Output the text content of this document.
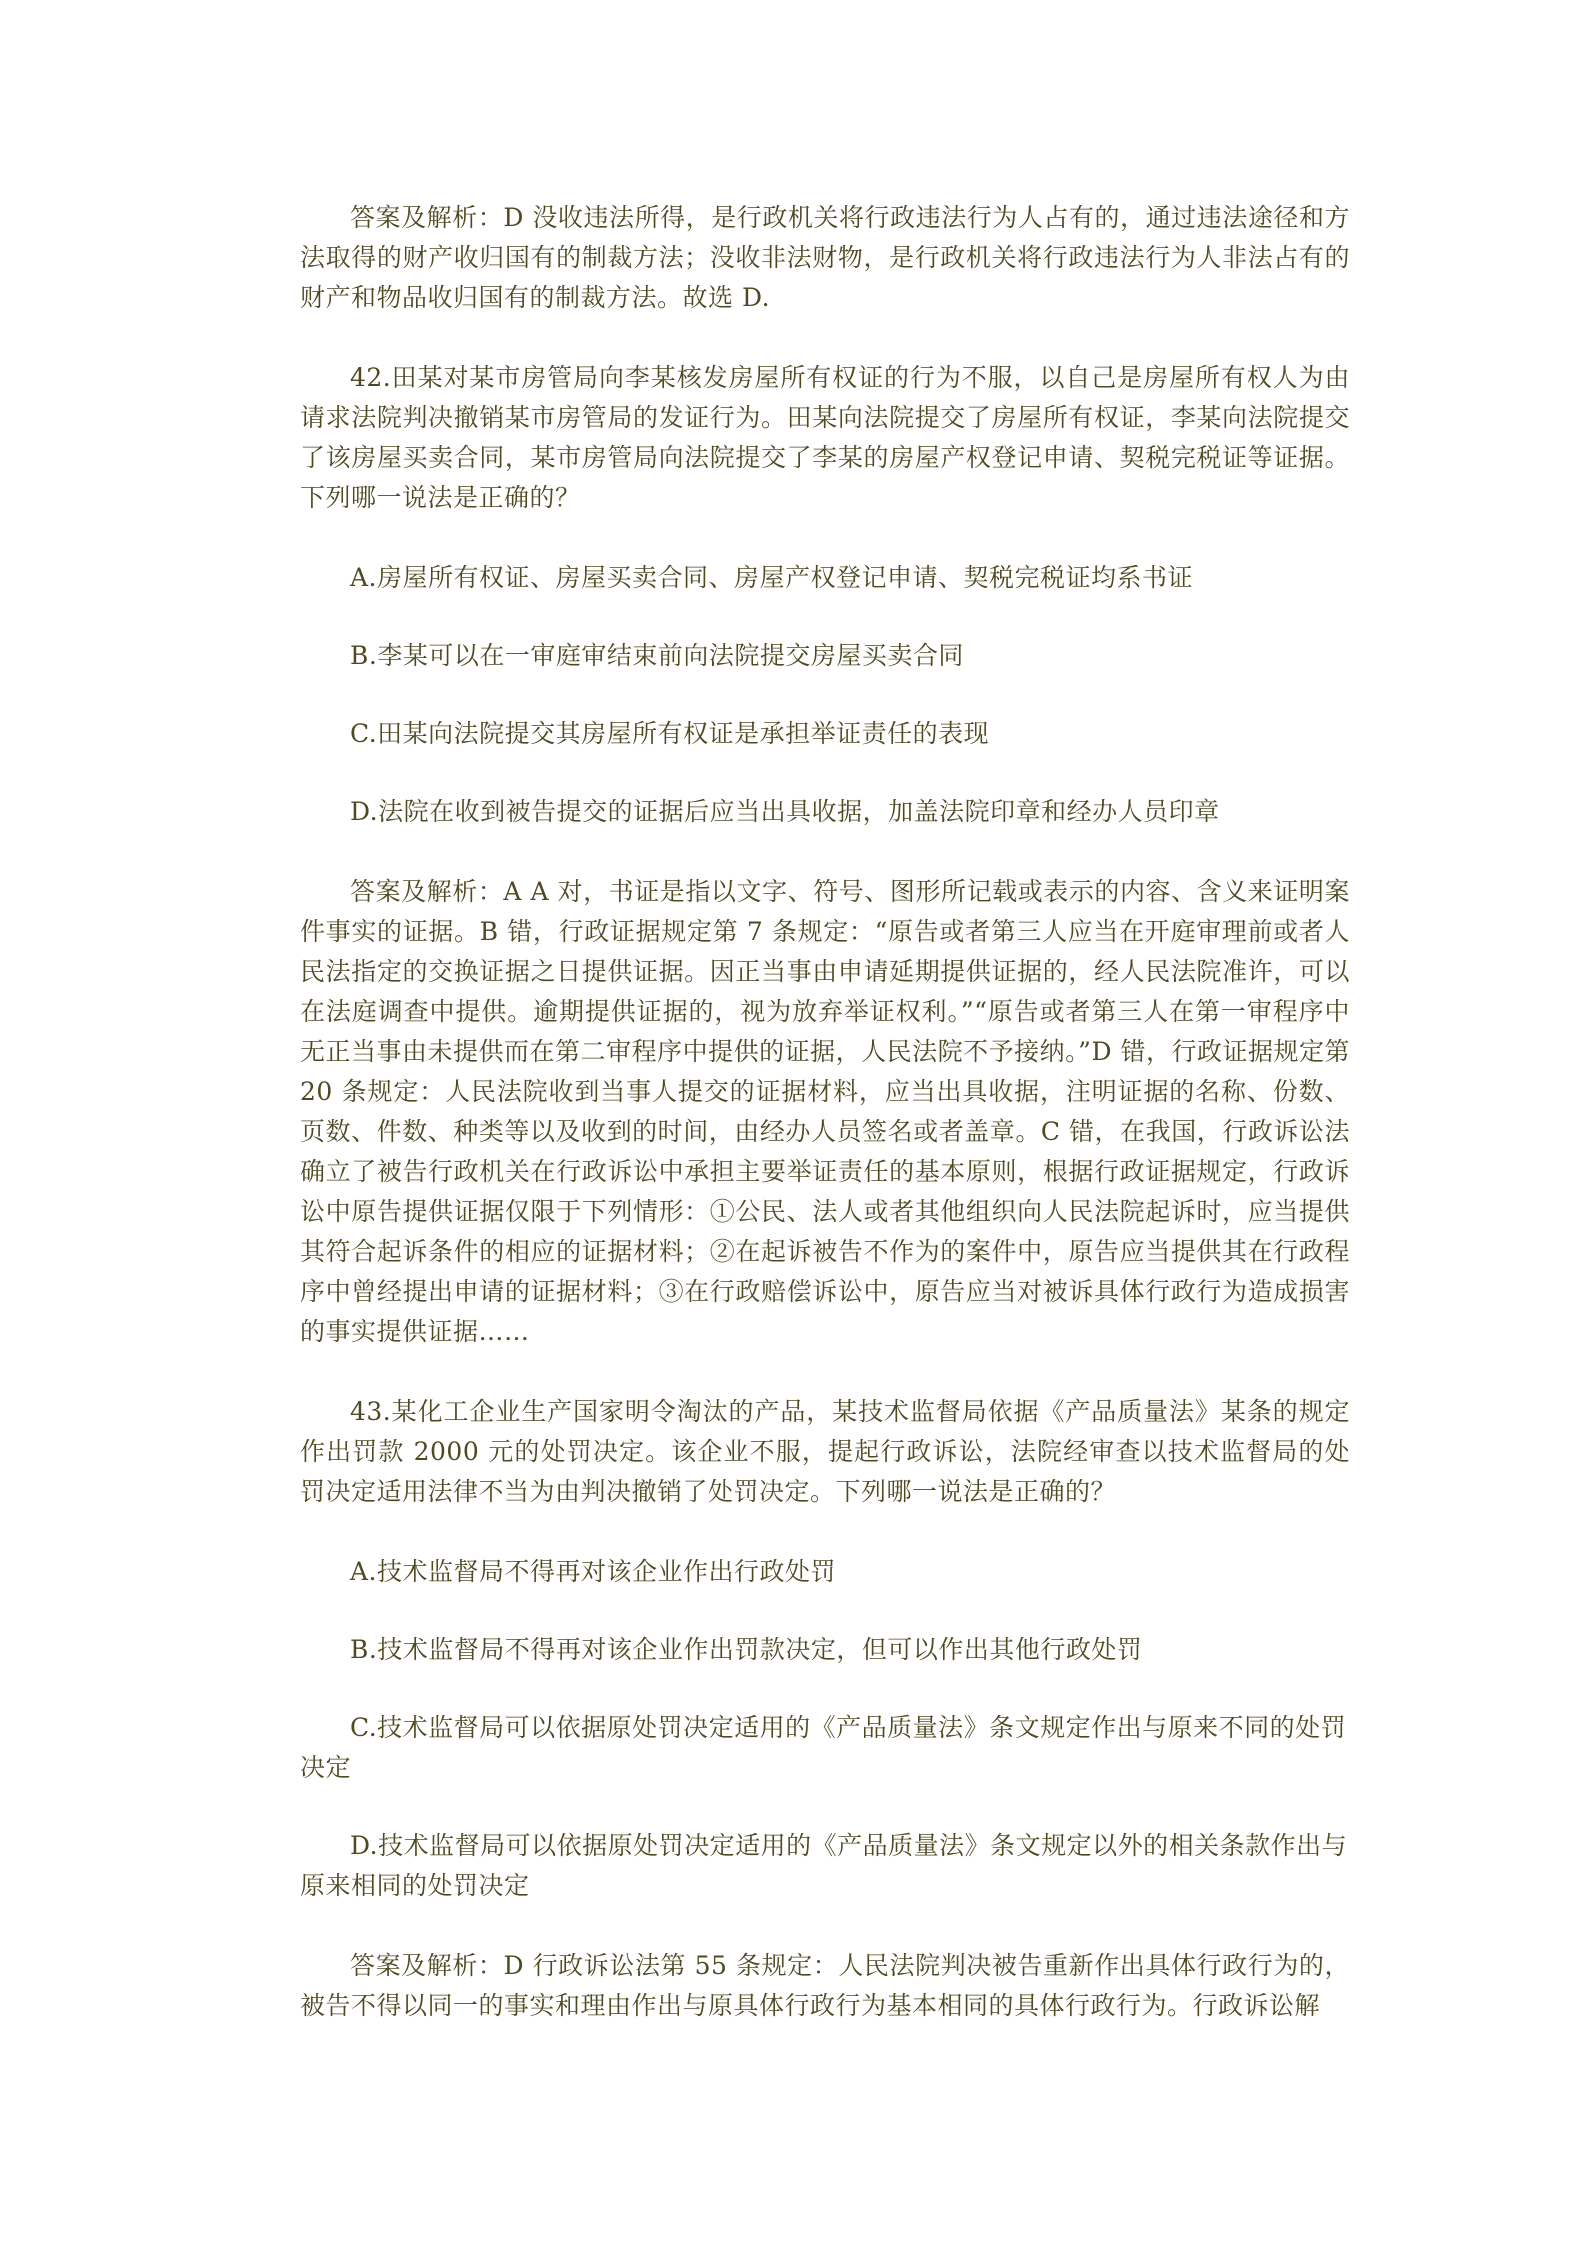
答案及解析：D 没收违法所得，是行政机关将行政违法行为人占有的，通过违法途径和方法取得的财产收归国有的制裁方法；没收非法财物，是行政机关将行政违法行为人非法占有的财产和物品收归国有的制裁方法。故选 D.

42.田某对某市房管局向李某核发房屋所有权证的行为不服，以自己是房屋所有权人为由请求法院判决撤销某市房管局的发证行为。田某向法院提交了房屋所有权证，李某向法院提交了该房屋买卖合同，某市房管局向法院提交了李某的房屋产权登记申请、契税完税证等证据。下列哪一说法是正确的？

A.房屋所有权证、房屋买卖合同、房屋产权登记申请、契税完税证均系书证

B.李某可以在一审庭审结束前向法院提交房屋买卖合同

C.田某向法院提交其房屋所有权证是承担举证责任的表现

D.法院在收到被告提交的证据后应当出具收据，加盖法院印章和经办人员印章

答案及解析：A A 对，书证是指以文字、符号、图形所记载或表示的内容、含义来证明案件事实的证据。B 错，行政证据规定第 7 条规定：“原告或者第三人应当在开庭审理前或者人民法指定的交换证据之日提供证据。因正当事由申请延期提供证据的，经人民法院准许，可以在法庭调查中提供。逾期提供证据的，视为放弃举证权利。”“原告或者第三人在第一审程序中无正当事由未提供而在第二审程序中提供的证据，人民法院不予接纳。”D 错，行政证据规定第 20 条规定：人民法院收到当事人提交的证据材料，应当出具收据，注明证据的名称、份数、页数、件数、种类等以及收到的时间，由经办人员签名或者盖章。C 错，在我国，行政诉讼法确立了被告行政机关在行政诉讼中承担主要举证责任的基本原则，根据行政证据规定，行政诉讼中原告提供证据仅限于下列情形：①公民、法人或者其他组织向人民法院起诉时，应当提供其符合起诉条件的相应的证据材料；②在起诉被告不作为的案件中，原告应当提供其在行政程序中曾经提出申请的证据材料；③在行政赔偿诉讼中，原告应当对被诉具体行政行为造成损害的事实提供证据……

43.某化工企业生产国家明令淘汰的产品，某技术监督局依据《产品质量法》某条的规定作出罚款 2000 元的处罚决定。该企业不服，提起行政诉讼，法院经审查以技术监督局的处罚决定适用法律不当为由判决撤销了处罚决定。下列哪一说法是正确的？

A.技术监督局不得再对该企业作出行政处罚

B.技术监督局不得再对该企业作出罚款决定，但可以作出其他行政处罚

C.技术监督局可以依据原处罚决定适用的《产品质量法》条文规定作出与原来不同的处罚决定

D.技术监督局可以依据原处罚决定适用的《产品质量法》条文规定以外的相关条款作出与原来相同的处罚决定

答案及解析：D 行政诉讼法第 55 条规定：人民法院判决被告重新作出具体行政行为的，被告不得以同一的事实和理由作出与原具体行政行为基本相同的具体行政行为。行政诉讼解
